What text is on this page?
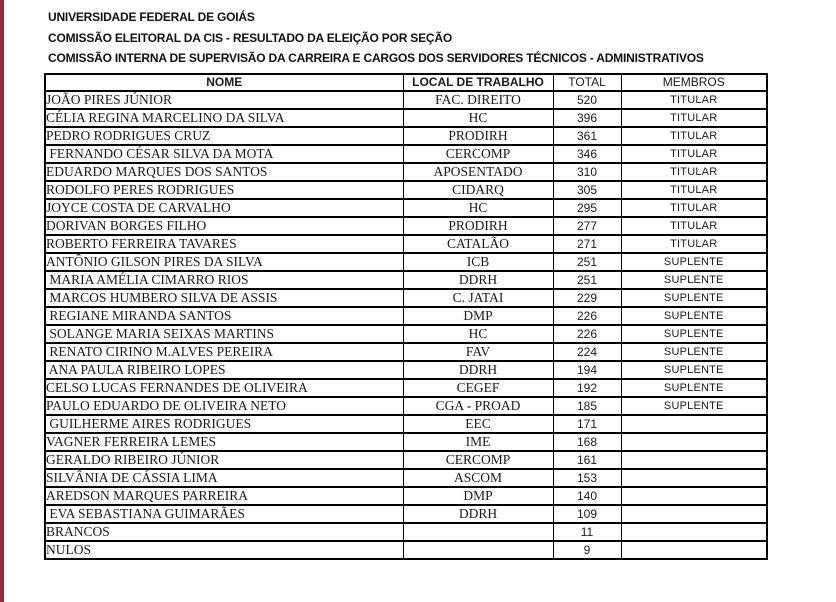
UNIVERSIDADE FEDERAL DE GOIÁS
COMISSÃO ELEITORAL DA CIS - RESULTADO DA ELEIÇÃO POR SEÇÃO
COMISSÃO INTERNA DE SUPERVISÃO DA CARREIRA E CARGOS DOS SERVIDORES TÉCNICOS - ADMINISTRATIVOS
NOME	LOCAL DE TRABALHO	TOTAL	MEMBROS
JOÃO PIRES JÚNIOR	FAC. DIREITO	520	TITULAR
CÉLIA REGINA MARCELINO DA SILVA	HC	396	TITULAR
PEDRO RODRIGUES CRUZ	PRODIRH	361	TITULAR
FERNANDO CÉSAR SILVA DA MOTA	CERCOMP	346	TITULAR
EDUARDO MARQUES DOS SANTOS	APOSENTADO	310	TITULAR
RODOLFO PERES RODRIGUES	CIDARQ	305	TITULAR
JOYCE COSTA DE CARVALHO	HC	295	TITULAR
DORIVAN BORGES FILHO	PRODIRH	277	TITULAR
ROBERTO FERREIRA TAVARES	CATALÃO	271	TITULAR
ANTÔNIO GILSON PIRES DA SILVA	ICB	251	SUPLENTE
MARIA AMÉLIA CIMARRO RIOS	DDRH	251	SUPLENTE
MARCOS HUMBERO SILVA DE ASSIS	C. JATAI	229	SUPLENTE
REGIANE MIRANDA SANTOS	DMP	226	SUPLENTE
SOLANGE MARIA SEIXAS MARTINS	HC	226	SUPLENTE
RENATO CIRINO M.ALVES PEREIRA	FAV	224	SUPLENTE
ANA PAULA RIBEIRO LOPES	DDRH	194	SUPLENTE
CELSO LUCAS FERNANDES DE OLIVEIRA	CEGEF	192	SUPLENTE
PAULO EDUARDO DE OLIVEIRA NETO	CGA - PROAD	185	SUPLENTE
GUILHERME AIRES RODRIGUES	EEC	171	
VAGNER FERREIRA LEMES	IME	168	
GERALDO RIBEIRO JÚNIOR	CERCOMP	161	
SILVÂNIA DE CÁSSIA LIMA	ASCOM	153	
AREDSON MARQUES PARREIRA	DMP	140	
EVA SEBASTIANA GUIMARÃES	DDRH	109	
BRANCOS		11	
NULOS		9	
